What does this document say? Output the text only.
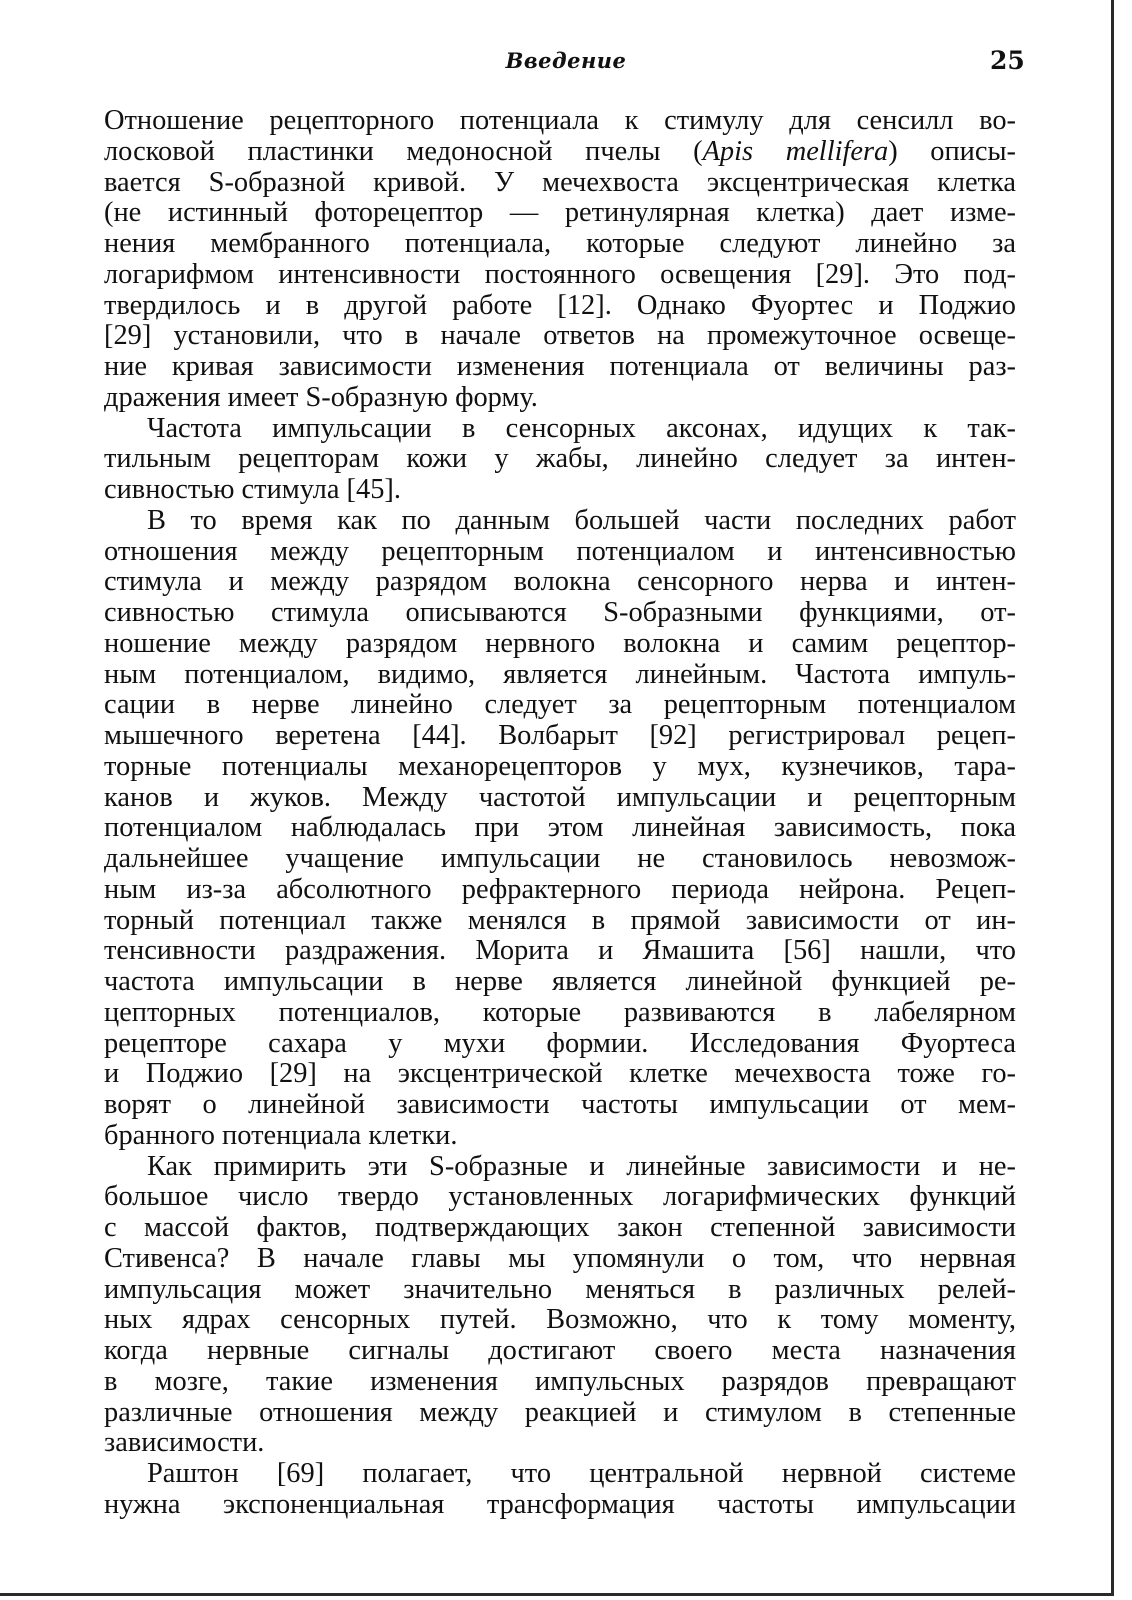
Введение	25
Отношение рецепторного потенциала к стимулу для сенсилл во-
лосковой пластинки медоносной пчелы (Apis mellifera) описы-
вается S-образной кривой. У мечехвоста эксцентрическая клетка
(не истинный фоторецептор — ретинулярная клетка) дает изме-
нения мембранного потенциала, которые следуют линейно за
логарифмом интенсивности постоянного освещения [29]. Это под-
твердилось и в другой работе [12]. Однако Фуортес и Поджио
[29] установили, что в начале ответов на промежуточное освеще-
ние кривая зависимости изменения потенциала от величины раз-
дражения имеет S-образную форму.
Частота импульсации в сенсорных аксонах, идущих к так-
тильным рецепторам кожи у жабы, линейно следует за интен-
сивностью стимула [45].
В то время как по данным большей части последних работ
отношения между рецепторным потенциалом и интенсивностью
стимула и между разрядом волокна сенсорного нерва и интен-
сивностью стимула описываются S-образными функциями, от-
ношение между разрядом нервного волокна и самим рецептор-
ным потенциалом, видимо, является линейным. Частота импуль-
сации в нерве линейно следует за рецепторным потенциалом
мышечного веретена [44]. Волбарыт [92] регистрировал рецеп-
торные потенциалы механорецепторов у мух, кузнечиков, тара-
канов и жуков. Между частотой импульсации и рецепторным
потенциалом наблюдалась при этом линейная зависимость, пока
дальнейшее учащение импульсации не становилось невозмож-
ным из-за абсолютного рефрактерного периода нейрона. Рецеп-
торный потенциал также менялся в прямой зависимости от ин-
тенсивности раздражения. Морита и Ямашита [56] нашли, что
частота импульсации в нерве является линейной функцией ре-
цепторных потенциалов, которые развиваются в лабелярном
рецепторе сахара у мухи формии. Исследования Фуортеса
и Поджио [29] на эксцентрической клетке мечехвоста тоже го-
ворят о линейной зависимости частоты импульсации от мем-
бранного потенциала клетки.
Как примирить эти S-образные и линейные зависимости и не-
большое число твердо установленных логарифмических функций
с массой фактов, подтверждающих закон степенной зависимости
Стивенса? В начале главы мы упомянули о том, что нервная
импульсация может значительно меняться в различных релей-
ных ядрах сенсорных путей. Возможно, что к тому моменту,
когда нервные сигналы достигают своего места назначения
в мозге, такие изменения импульсных разрядов превращают
различные отношения между реакцией и стимулом в степенные
зависимости.
Раштон [69] полагает, что центральной нервной системе
нужна экспоненциальная трансформация частоты импульсации
